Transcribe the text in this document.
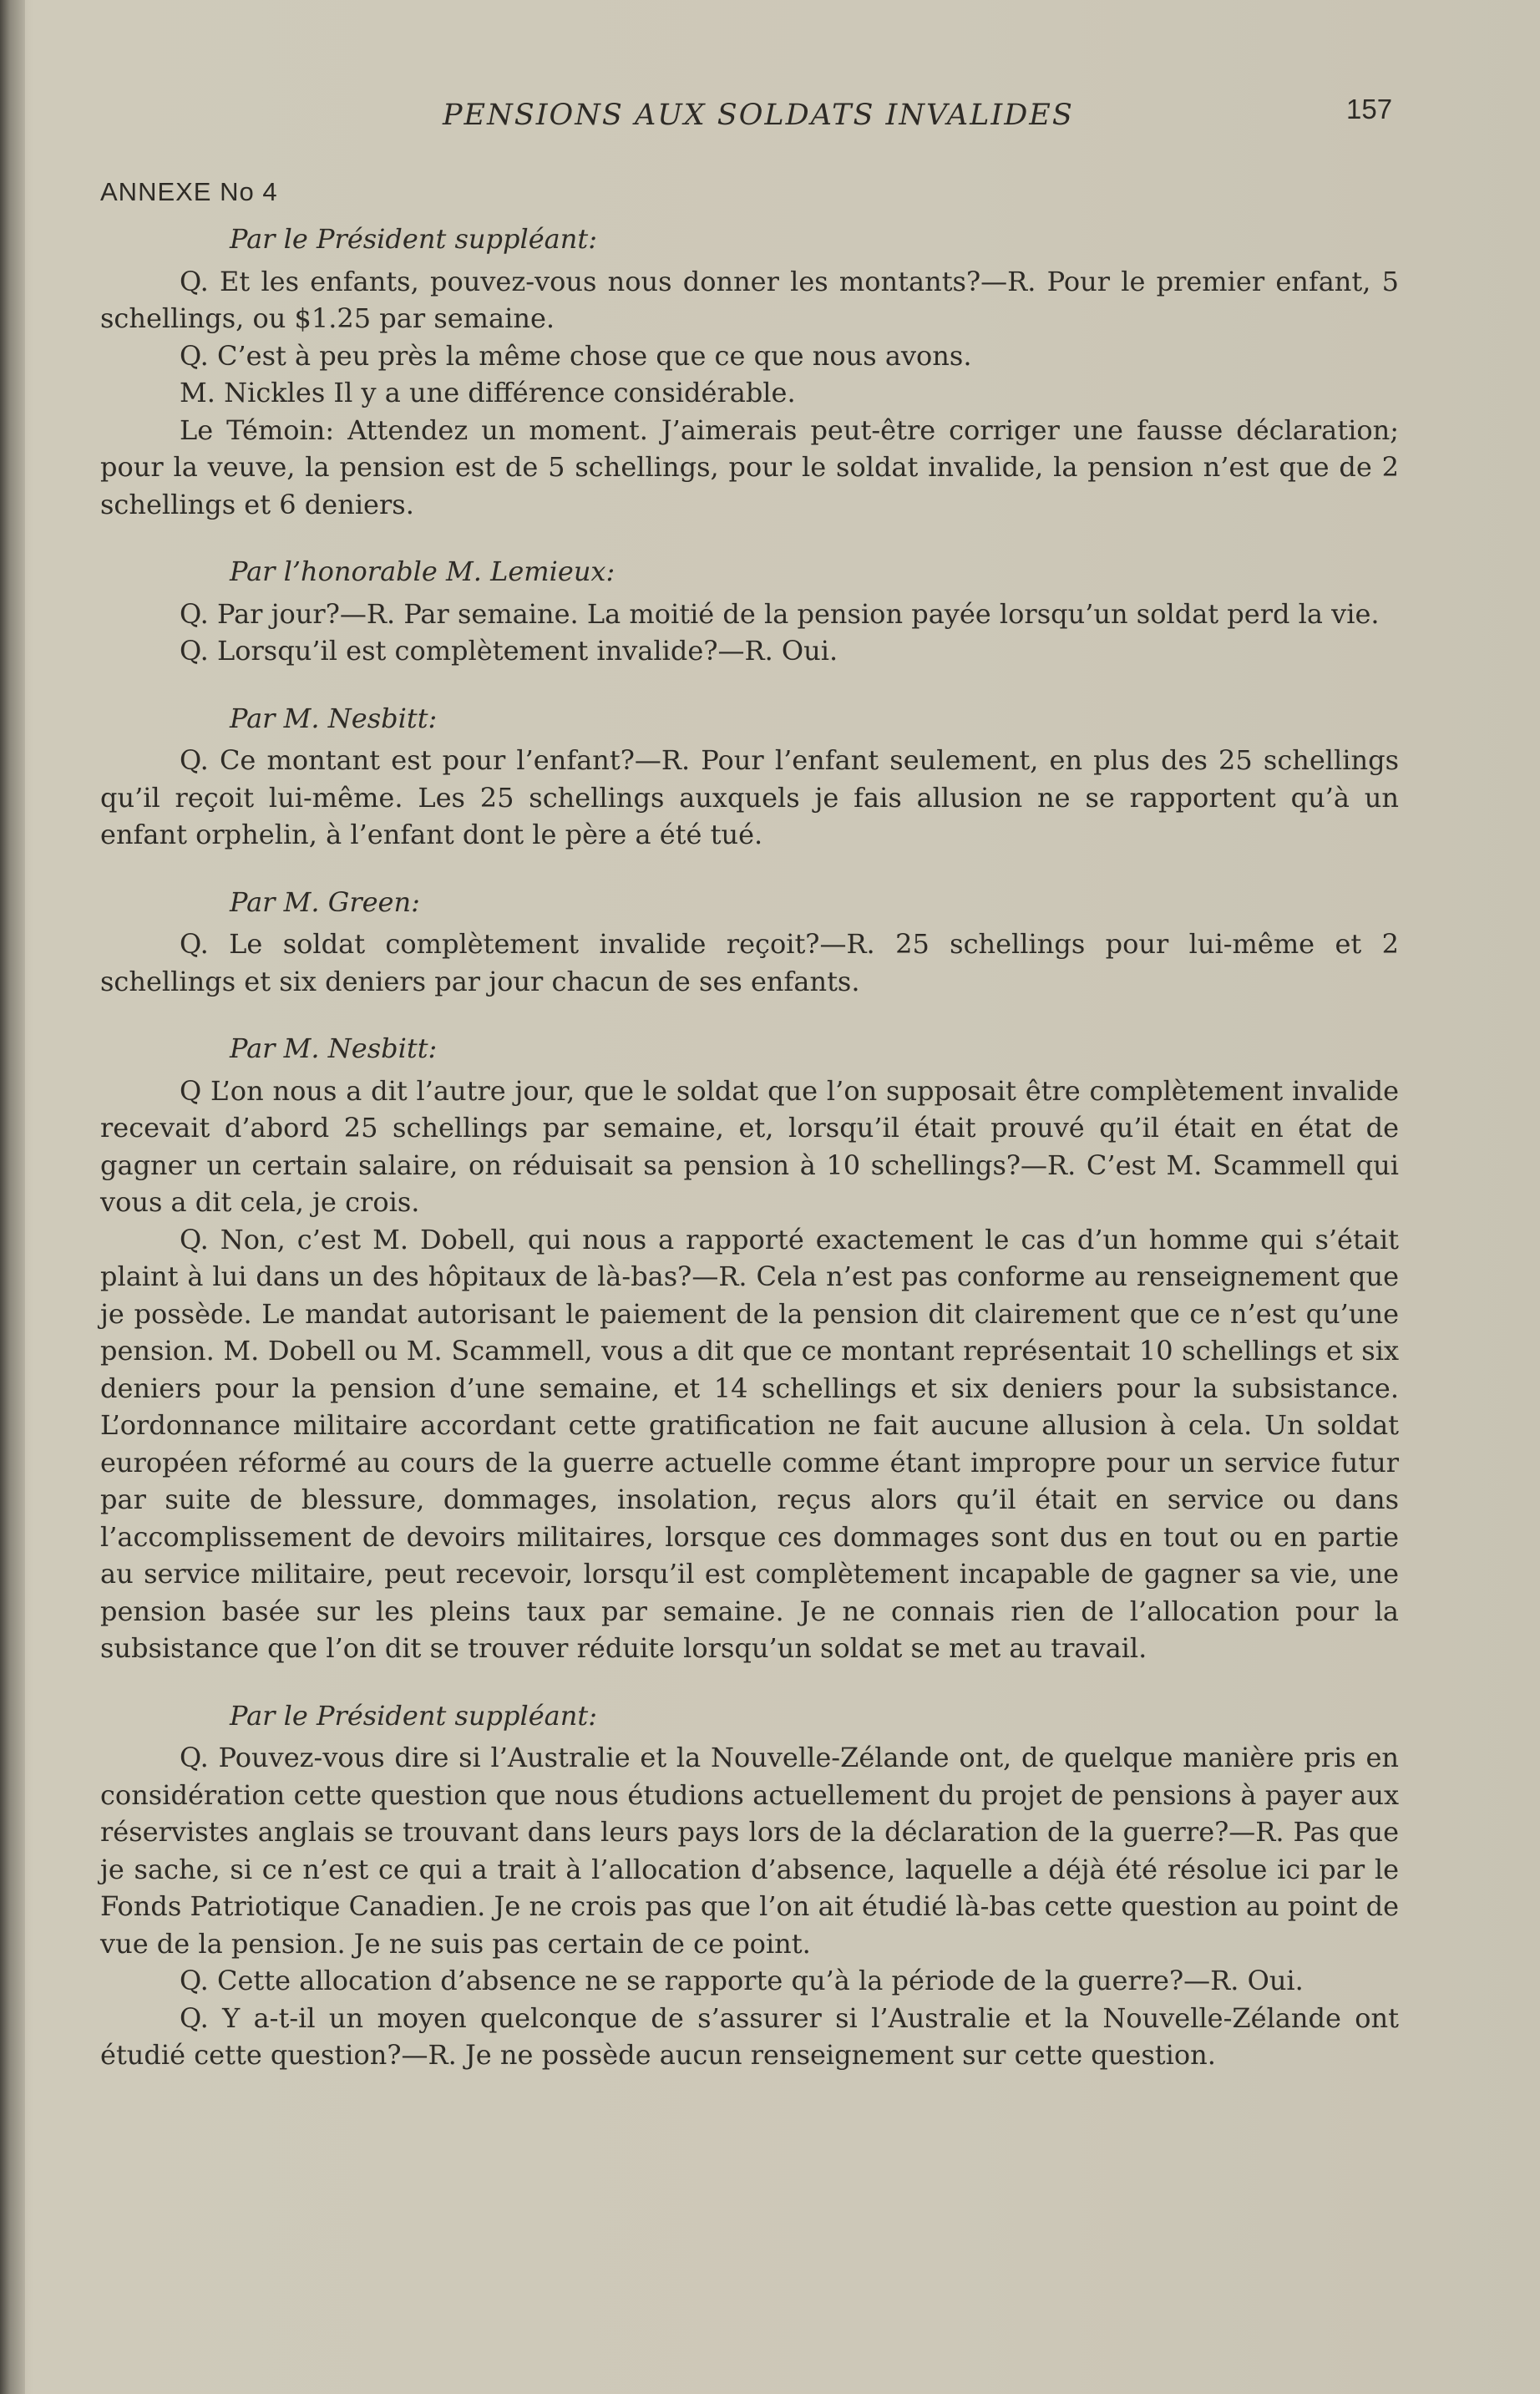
PENSIONS AUX SOLDATS INVALIDES	157
ANNEXE No 4

Par le Président suppléant:

Q. Et les enfants, pouvez-vous nous donner les montants?—R. Pour le premier enfant, 5 schellings, ou $1.25 par semaine.

Q. C’est à peu près la même chose que ce que nous avons.

M. Nickles Il y a une différence considérable.

Le Témoin: Attendez un moment. J’aimerais peut-être corriger une fausse déclaration; pour la veuve, la pension est de 5 schellings, pour le soldat invalide, la pension n’est que de 2 schellings et 6 deniers.

Par l’honorable M. Lemieux:

Q. Par jour?—R. Par semaine. La moitié de la pension payée lorsqu’un soldat perd la vie.

Q. Lorsqu’il est complètement invalide?—R. Oui.

Par M. Nesbitt:

Q. Ce montant est pour l’enfant?—R. Pour l’enfant seulement, en plus des 25 schellings qu’il reçoit lui-même. Les 25 schellings auxquels je fais allusion ne se rapportent qu’à un enfant orphelin, à l’enfant dont le père a été tué.

Par M. Green:

Q. Le soldat complètement invalide reçoit?—R. 25 schellings pour lui-même et 2 schellings et six deniers par jour chacun de ses enfants.

Par M. Nesbitt:

Q L’on nous a dit l’autre jour, que le soldat que l’on supposait être complètement invalide recevait d’abord 25 schellings par semaine, et, lorsqu’il était prouvé qu’il était en état de gagner un certain salaire, on réduisait sa pension à 10 schellings?—R. C’est M. Scammell qui vous a dit cela, je crois.

Q. Non, c’est M. Dobell, qui nous a rapporté exactement le cas d’un homme qui s’était plaint à lui dans un des hôpitaux de là-bas?—R. Cela n’est pas conforme au renseignement que je possède. Le mandat autorisant le paiement de la pension dit clairement que ce n’est qu’une pension. M. Dobell ou M. Scammell, vous a dit que ce montant représentait 10 schellings et six deniers pour la pension d’une semaine, et 14 schellings et six deniers pour la subsistance. L’ordonnance militaire accordant cette gratification ne fait aucune allusion à cela. Un soldat européen réformé au cours de la guerre actuelle comme étant impropre pour un service futur par suite de blessure, dommages, insolation, reçus alors qu’il était en service ou dans l’accomplissement de devoirs militaires, lorsque ces dommages sont dus en tout ou en partie au service militaire, peut recevoir, lorsqu’il est complètement incapable de gagner sa vie, une pension basée sur les pleins taux par semaine. Je ne connais rien de l’allocation pour la subsistance que l’on dit se trouver réduite lorsqu’un soldat se met au travail.

Par le Président suppléant:

Q. Pouvez-vous dire si l’Australie et la Nouvelle-Zélande ont, de quelque manière pris en considération cette question que nous étudions actuellement du projet de pensions à payer aux réservistes anglais se trouvant dans leurs pays lors de la déclaration de la guerre?—R. Pas que je sache, si ce n’est ce qui a trait à l’allocation d’absence, laquelle a déjà été résolue ici par le Fonds Patriotique Canadien. Je ne crois pas que l’on ait étudié là-bas cette question au point de vue de la pension. Je ne suis pas certain de ce point.

Q. Cette allocation d’absence ne se rapporte qu’à la période de la guerre?—R. Oui.

Q. Y a-t-il un moyen quelconque de s’assurer si l’Australie et la Nouvelle-Zélande ont étudié cette question?—R. Je ne possède aucun renseignement sur cette question.
